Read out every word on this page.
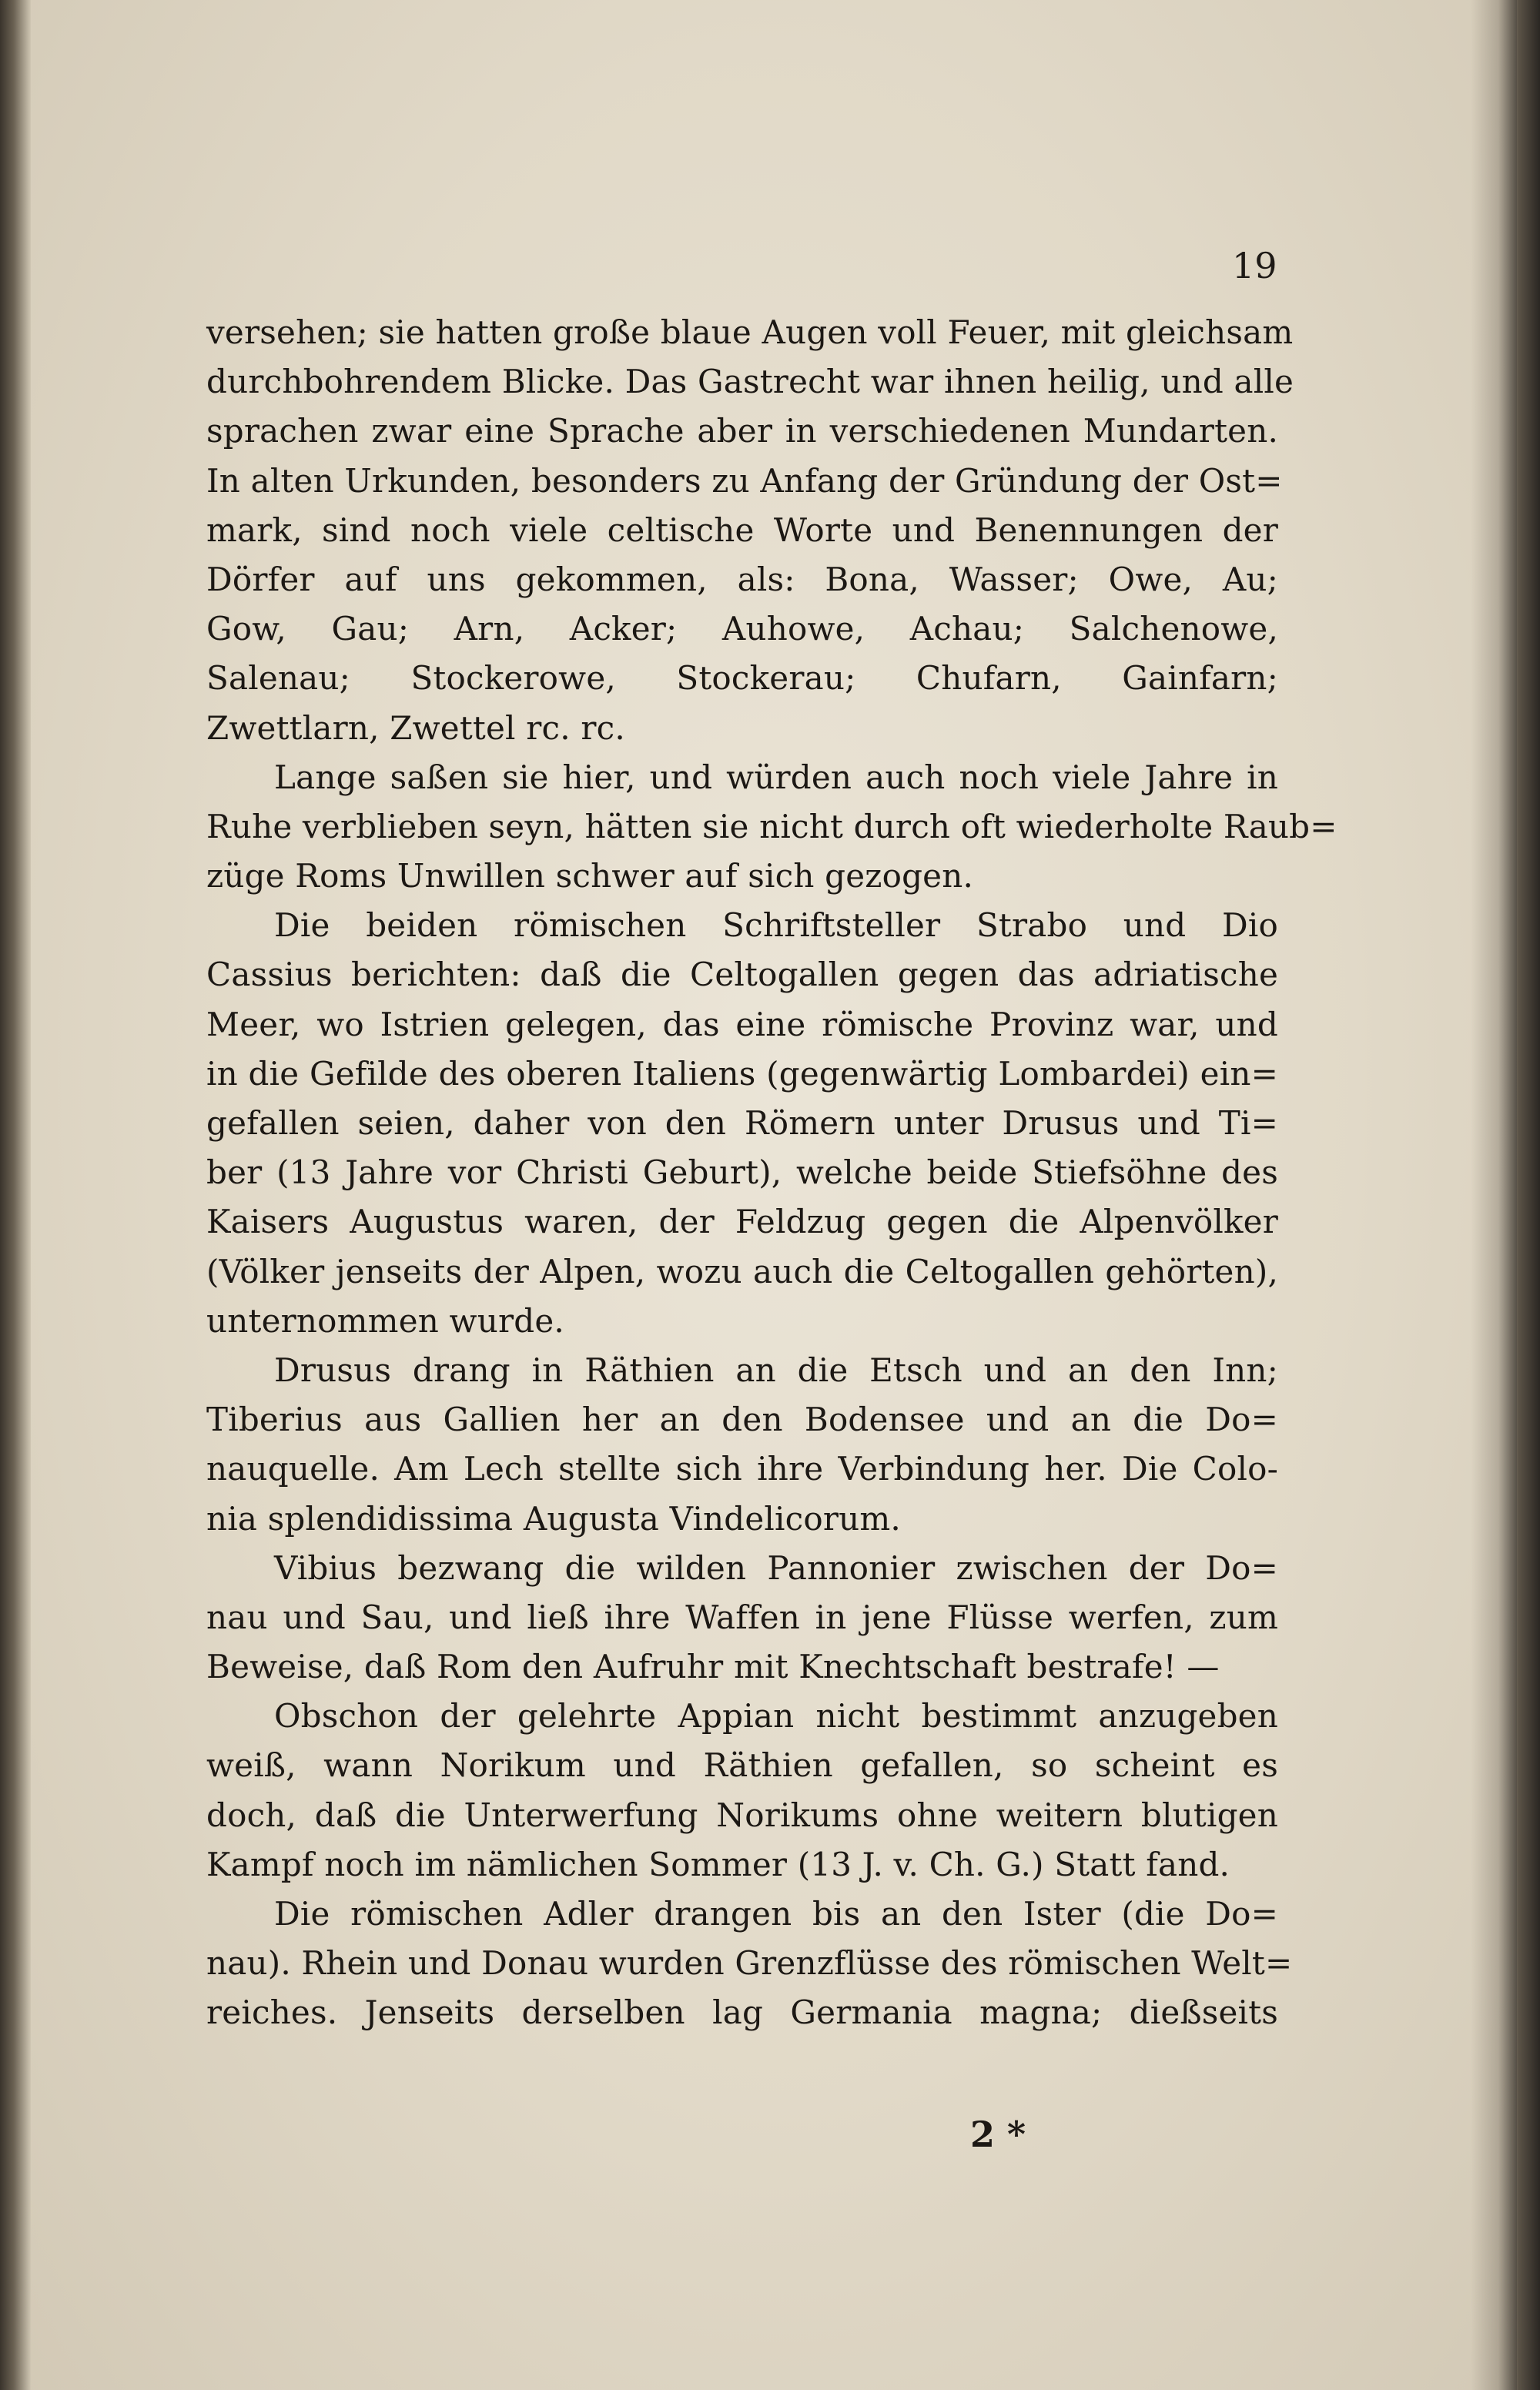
19
versehen; sie hatten große blaue Augen voll Feuer, mit gleichsam
durchbohrendem Blicke. Das Gastrecht war ihnen heilig, und alle
sprachen zwar eine Sprache aber in verschiedenen Mundarten.
In alten Urkunden, besonders zu Anfang der Gründung der Ost=
mark, sind noch viele celtische Worte und Benennungen der
Dörfer auf uns gekommen, als: Bona, Wasser; Owe, Au;
Gow, Gau; Arn, Acker; Auhowe, Achau; Salchenowe,
Salenau; Stockerowe, Stockerau; Chufarn, Gainfarn;
Zwettlarn, Zwettel rc. rc.
Lange saßen sie hier, und würden auch noch viele Jahre in
Ruhe verblieben seyn, hätten sie nicht durch oft wiederholte Raub=
züge Roms Unwillen schwer auf sich gezogen.
Die beiden römischen Schriftsteller Strabo und Dio
Cassius berichten: daß die Celtogallen gegen das adriatische
Meer, wo Istrien gelegen, das eine römische Provinz war, und
in die Gefilde des oberen Italiens (gegenwärtig Lombardei) ein=
gefallen seien, daher von den Römern unter Drusus und Ti=
ber (13 Jahre vor Christi Geburt), welche beide Stiefsöhne des
Kaisers Augustus waren, der Feldzug gegen die Alpenvölker
(Völker jenseits der Alpen, wozu auch die Celtogallen gehörten),
unternommen wurde.
Drusus drang in Räthien an die Etsch und an den Inn;
Tiberius aus Gallien her an den Bodensee und an die Do=
nauquelle. Am Lech stellte sich ihre Verbindung her. Die Colo-
nia splendidissima Augusta Vindelicorum.
Vibius bezwang die wilden Pannonier zwischen der Do=
nau und Sau, und ließ ihre Waffen in jene Flüsse werfen, zum
Beweise, daß Rom den Aufruhr mit Knechtschaft bestrafe! —
Obschon der gelehrte Appian nicht bestimmt anzugeben
weiß, wann Norikum und Räthien gefallen, so scheint es
doch, daß die Unterwerfung Norikums ohne weitern blutigen
Kampf noch im nämlichen Sommer (13 J. v. Ch. G.) Statt fand.
Die römischen Adler drangen bis an den Ister (die Do=
nau). Rhein und Donau wurden Grenzflüsse des römischen Welt=
reiches. Jenseits derselben lag Germania magna; dießseits
2 *
